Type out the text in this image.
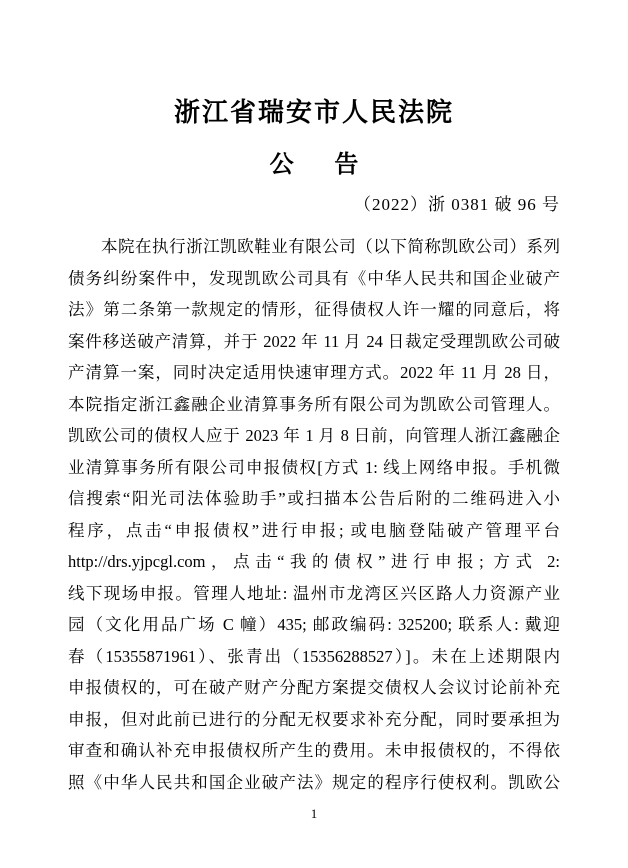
浙江省瑞安市人民法院
公　告
（2022）浙 0381 破 96 号
本院在执行浙江凯欧鞋业有限公司（以下简称凯欧公司）系列
债务纠纷案件中，发现凯欧公司具有《中华人民共和国企业破产
法》第二条第一款规定的情形，征得债权人许一耀的同意后，将
案件移送破产清算，并于 2022 年 11 月 24 日裁定受理凯欧公司破
产清算一案，同时决定适用快速审理方式。2022 年 11 月 28 日，
本院指定浙江鑫融企业清算事务所有限公司为凯欧公司管理人。
凯欧公司的债权人应于 2023 年 1 月 8 日前，向管理人浙江鑫融企
业清算事务所有限公司申报债权[方式 1: 线上网络申报。手机微
信搜索“阳光司法体验助手”或扫描本公告后附的二维码进入小
程序，点击“申报债权”进行申报; 或电脑登陆破产管理平台
http://drs.yjpcgl.com，点击“我的债权”进行申报; 方式 2:
线下现场申报。管理人地址: 温州市龙湾区兴区路人力资源产业
园（文化用品广场 C 幢）435; 邮政编码: 325200; 联系人: 戴迎
春（15355871961）、张青出（15356288527）]。未在上述期限内
申报债权的，可在破产财产分配方案提交债权人会议讨论前补充
申报，但对此前已进行的分配无权要求补充分配，同时要承担为
审查和确认补充申报债权所产生的费用。未申报债权的，不得依
照《中华人民共和国企业破产法》规定的程序行使权利。凯欧公
1
